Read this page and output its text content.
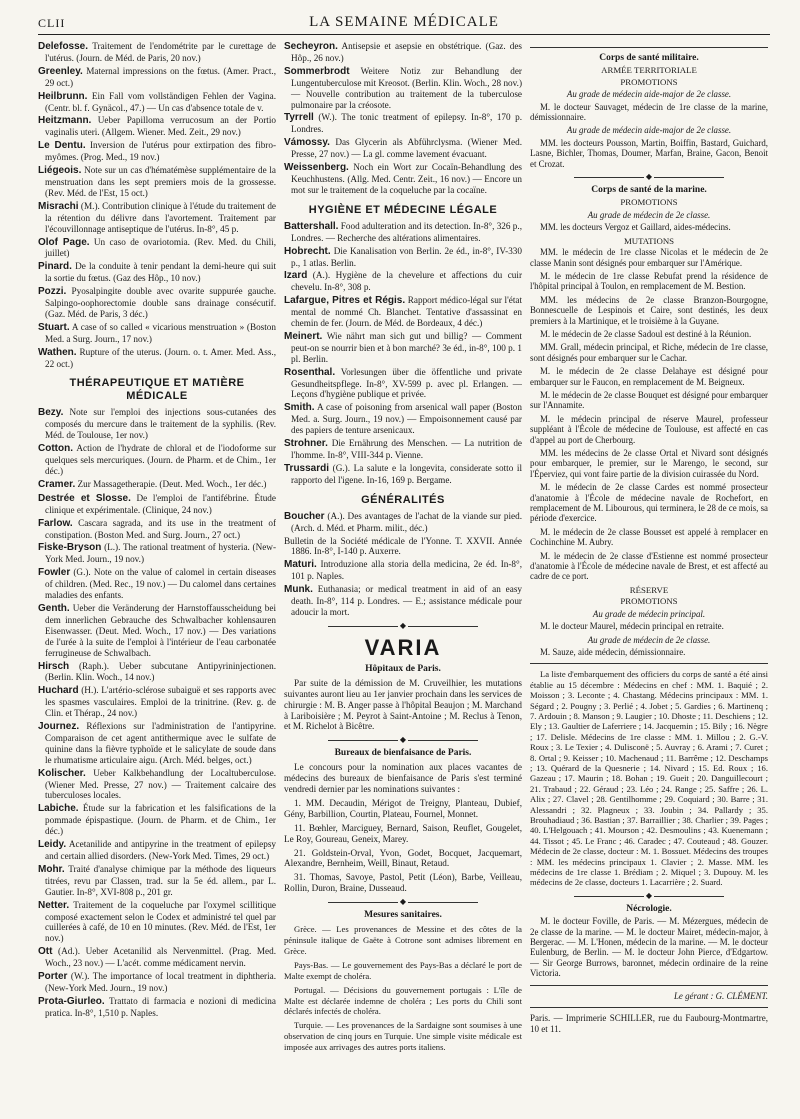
CLII	LA SEMAINE MÉDICALE

Delefosse. Traitement de l'endométrite par le curettage de l'utérus. (Journ. de Méd. de Paris, 20 nov.)

Greenley. Maternal impressions on the fœtus. (Amer. Pract., 29 oct.)

Heilbrunn. Ein Fall vom vollständigen Fehlen der Vagina. (Centr. bl. f. Gynäcol., 47.) — Un cas d'absence totale de v.

Heitzmann. Ueber Papilloma verrucosum an der Portio vaginalis uteri. (Allgem. Wiener. Med. Zeit., 29 nov.)

Le Dentu. Inversion de l'utérus pour extirpation des fibro-myômes. (Prog. Med., 19 nov.)

Liégeois. Note sur un cas d'hématémèse supplémentaire de la menstruation dans les sept premiers mois de la grossesse. (Rev. Méd. de l'Est, 15 oct.)

Misrachi (M.). Contribution clinique à l'étude du traitement de la rétention du délivre dans l'avortement. Traitement par l'écouvillonnage antiseptique de l'utérus. In-8°, 45 p.

Olof Page. Un caso de ovariotomia. (Rev. Med. du Chili, juillet)

Pinard. De la conduite à tenir pendant la demi-heure qui suit la sortie du fœtus. (Gaz des Hôp., 10 nov.)

Pozzi. Pyosalpingite double avec ovarite suppurée gauche. Salpingo-oophorectomie double sans drainage consécutif. (Gaz. Méd. de Paris, 3 déc.)

Stuart. A case of so called « vicarious menstruation » (Boston Med. a Surg. Journ., 17 nov.)

Wathen. Rupture of the uterus. (Journ. o. t. Amer. Med. Ass., 22 oct.)

THÉRAPEUTIQUE ET MATIÈRE MÉDICALE

Bezy. Note sur l'emploi des injections sous-cutanées des composés du mercure dans le traitement de la syphilis. (Rev. Méd. de Toulouse, 1er nov.)

Cotton. Action de l'hydrate de chloral et de l'iodoforme sur quelques sels mercuriques. (Journ. de Pharm. et de Chim., 1er déc.)

Cramer. Zur Massagetherapie. (Deut. Med. Woch., 1er déc.)

Destrée et Slosse. De l'emploi de l'antifébrine. Étude clinique et expérimentale. (Clinique, 24 nov.)

Farlow. Cascara sagrada, and its use in the treatment of constipation. (Boston Med. and Surg. Journ., 27 oct.)

Fiske-Bryson (L.). The rational treatment of hysteria. (New-York Med. Journ., 19 nov.)

Fowler (G.). Note on the value of calomel in certain diseases of children. (Med. Rec., 19 nov.) — Du calomel dans certaines maladies des enfants.

Genth. Ueber die Veränderung der Harnstoffausscheidung bei dem innerlichen Gebrauche des Schwalbacher kohlensauren Eisenwasser. (Deut. Med. Woch., 17 nov.) — Des variations de l'urée à la suite de l'emploi à l'intérieur de l'eau carbonatée ferrugineuse de Schwalbach.

Hirsch (Raph.). Ueber subcutane Antipyrininjectionen. (Berlin. Klin. Woch., 14 nov.)

Huchard (H.). L'artério-sclérose subaiguë et ses rapports avec les spasmes vasculaires. Emploi de la trinitrine. (Rev. g. de Clin. et Thérap., 24 nov.)

Journez. Réflexions sur l'administration de l'antipyrine. Comparaison de cet agent antithermique avec le sulfate de quinine dans la fièvre typhoïde et le salicylate de soude dans le rhumatisme articulaire aigu. (Arch. Méd. belges, oct.)

Kolischer. Ueber Kalkbehandlung der Localtuberculose. (Wiener Med. Presse, 27 nov.) — Traitement calcaire des tuberculoses locales.

Labiche. Étude sur la fabrication et les falsifications de la pommade épispastique. (Journ. de Pharm. et de Chim., 1er déc.)

Leidy. Acetanilide and antipyrine in the treatment of epilepsy and certain allied disorders. (New-York Med. Times, 29 oct.)

Mohr. Traité d'analyse chimique par la méthode des liqueurs titrées, revu par Classen, trad. sur la 5e éd. allem., par L. Gautier. In-8°, XVI-808 p., 201 gr.

Netter. Traitement de la coqueluche par l'oxymel scillitique composé exactement selon le Codex et administré tel quel par cuillerées à café, de 10 en 10 minutes. (Rev. Méd. de l'Est, 1er nov.)

Ott (Ad.). Ueber Acetanilid als Nervenmittel. (Prag. Med. Woch., 23 nov.) — L'acét. comme médicament nervin.

Porter (W.). The importance of local treatment in diphtheria. (New-York Med. Journ., 19 nov.)

Prota-Giurleo. Trattato di farmacia e nozioni di medicina pratica. In-8°, 1,510 p. Naples.

Secheyron. Antisepsie et asepsie en obstétrique. (Gaz. des Hôp., 26 nov.)

Sommerbrodt Weitere Notiz zur Behandlung der Lungentuberculose mit Kreosot. (Berlin. Klin. Woch., 28 nov.) — Nouvelle contribution au traitement de la tuberculose pulmonaire par la créosote.

Tyrrell (W.). The tonic treatment of epilepsy. In-8°, 170 p. Londres.

Vámossy. Das Glycerin als Abführclysma. (Wiener Med. Presse, 27 nov.) — La gl. comme lavement évacuant.

Weissenberg. Noch ein Wort zur Cocaïn-Behandlung des Keuchhustens. (Allg. Med. Centr. Zeit., 16 nov.) — Encore un mot sur le traitement de la coqueluche par la cocaïne.

HYGIÈNE ET MÉDECINE LÉGALE

Battershall. Food adulteration and its detection. In-8°, 326 p., Londres. — Recherche des altérations alimentaires.

Hobrecht. Die Kanalisation von Berlin. 2e éd., in-8°, IV-330 p., 1 atlas. Berlin.

Izard (A.). Hygiène de la chevelure et affections du cuir chevelu. In-8°, 308 p.

Lafargue, Pitres et Régis. Rapport médico-légal sur l'état mental de nommé Ch. Blanchet. Tentative d'assassinat en chemin de fer. (Journ. de Méd. de Bordeaux, 4 déc.)

Meinert. Wie nährt man sich gut und billig? — Comment peut-on se nourrir bien et à bon marché? 3e éd., in-8°, 100 p. 1 pl. Berlin.

Rosenthal. Vorlesungen über die öffentliche und private Gesundheitspflege. In-8°, XV-599 p. avec pl. Erlangen. — Leçons d'hygiène publique et privée.

Smith. A case of poisoning from arsenical wall paper (Boston Med. a. Surg. Journ., 19 nov.) — Empoisonnement causé par des papiers de tenture arsenicaux.

Strohner. Die Ernährung des Menschen. — La nutrition de l'homme. In-8°, VIII-344 p. Vienne.

Trussardi (G.). La salute e la longevita, considerate sotto il rapporto del l'igene. In-16, 169 p. Bergame.

GÉNÉRALITÉS

Boucher (A.). Des avantages de l'achat de la viande sur pied. (Arch. d. Méd. et Pharm. milit., déc.)

Bulletin de la Société médicale de l'Yonne. T. XXVII. Année 1886. In-8°, I-140 p. Auxerre.

Maturi. Introduzione alla storia della medicina, 2e éd. In-8°, 101 p. Naples.

Munk. Euthanasia; or medical treatment in aid of an easy death. In-8°, 114 p. Londres. — E.; assistance médicale pour adoucir la mort.

◆
VARIA
Hôpitaux de Paris.

Par suite de la démission de M. Cruveilhier, les mutations suivantes auront lieu au 1er janvier prochain dans les services de chirurgie : M. B. Anger passe à l'hôpital Beaujon ; M. Marchand à Lariboisière ; M. Peyrot à Saint-Antoine ; M. Reclus à Tenon, et M. Richelot à Bicêtre.

◆
Bureaux de bienfaisance de Paris.

Le concours pour la nomination aux places vacantes de médecins des bureaux de bienfaisance de Paris s'est terminé vendredi dernier par les nominations suivantes :

1. MM. Decaudin, Mérigot de Treigny, Planteau, Dubief, Gény, Barbillion, Courtin, Plateau, Fournel, Monnet.

11. Bœhler, Marciguey, Bernard, Saison, Reuflet, Gougelet, Le Roy, Goureau, Geneix, Marey.

21. Goldstein-Orval, Yvon, Godet, Bocquet, Jacquemart, Alexandre, Bernheim, Weill, Binaut, Retaud.

31. Thomas, Savoye, Pastol, Petit (Léon), Barbe, Veilleau, Rollin, Duron, Braine, Dusseaud.

◆
Mesures sanitaires.

Grèce. — Les provenances de Messine et des côtes de la péninsule italique de Gaëte à Cotrone sont admises librement en Grèce.

Pays-Bas. — Le gouvernement des Pays-Bas a déclaré le port de Malte exempt de choléra.

Portugal. — Décisions du gouvernement portugais : L'île de Malte est déclarée indemne de choléra ; Les ports du Chili sont déclarés infectés de choléra.

Turquie. — Les provenances de la Sardaigne sont soumises à une observation de cinq jours en Turquie. Une simple visite médicale est imposée aux arrivages des autres ports italiens.

Corps de santé militaire.
ARMÉE TERRITORIALE
PROMOTIONS
Au grade de médecin aide-major de 2e classe.

M. le docteur Sauvaget, médecin de 1re classe de la marine, démissionnaire.

Au grade de médecin aide-major de 2e classe.

MM. les docteurs Pousson, Martin, Boiffin, Bastard, Guichard, Lasne, Bichler, Thomas, Doumer, Marfan, Braine, Gacon, Benoit et Crozat.

◆
Corps de santé de la marine.
PROMOTIONS
Au grade de médecin de 2e classe.

MM. les docteurs Vergoz et Gaillard, aides-médecins.

MUTATIONS

MM. le médecin de 1re classe Nicolas et le médecin de 2e classe Manin sont désignés pour embarquer sur l'Amérique.

M. le médecin de 1re classe Rebufat prend la résidence de l'hôpital principal à Toulon, en remplacement de M. Bestion.

MM. les médecins de 2e classe Branzon-Bourgogne, Bonnescuelle de Lespinois et Caire, sont destinés, les deux premiers à la Martinique, et le troisième à la Guyane.

M. le médecin de 2e classe Sadoul est destiné à la Réunion.

MM. Grall, médecin principal, et Riche, médecin de 1re classe, sont désignés pour embarquer sur le Cachar.

M. le médecin de 2e classe Delahaye est désigné pour embarquer sur le Faucon, en remplacement de M. Beigneux.

M. le médecin de 2e classe Bouquet est désigné pour embarquer sur l'Annamite.

M. le médecin principal de réserve Maurel, professeur suppléant à l'École de médecine de Toulouse, est affecté en cas d'appel au port de Cherbourg.

MM. les médecins de 2e classe Ortal et Nivard sont désignés pour embarquer, le premier, sur le Marengo, le second, sur l'Éperviez, qui vont faire partie de la division cuirassée du Nord.

M. le médecin de 2e classe Cardes est nommé prosecteur d'anatomie à l'École de médecine navale de Rochefort, en remplacement de M. Libourous, qui terminera, le 28 de ce mois, sa période d'exercice.

M. le médecin de 2e classe Bousset est appelé à remplacer en Cochinchine M. Aubry.

M. le médecin de 2e classe d'Estienne est nommé prosecteur d'anatomie à l'École de médecine navale de Brest, et est affecté au cadre de ce port.

RÉSERVE
PROMOTIONS
Au grade de médecin principal.

M. le docteur Maurel, médecin principal en retraite.

Au grade de médecin de 2e classe.

M. Sauze, aide médecin, démissionnaire.

La liste d'embarquement des officiers du corps de santé a été ainsi établie au 15 décembre : Médecins en chef : MM. 1. Baquié ; 2. Moisson ; 3. Leconte ; 4. Chastang. Médecins principaux : MM. 1. Ségard ; 2. Pougny ; 3. Perlié ; 4. Jobet ; 5. Gardies ; 6. Martinenq ; 7. Ardouin ; 8. Manson ; 9. Laugier ; 10. Dhoste ; 11. Deschiens ; 12. Ely ; 13. Gaultier de Laferriere ; 14. Jacquemin ; 15. Bily ; 16. Nègre ; 17. Delisle. Médecins de 1re classe : MM. 1. Millou ; 2. G.-V. Roux ; 3. Le Texier ; 4. Dulisconë ; 5. Auvray ; 6. Arami ; 7. Curet ; 8. Ortal ; 9. Keisser ; 10. Machenaud ; 11. Barrême ; 12. Deschamps ; 13. Quérard de la Quesnerie ; 14. Nivard ; 15. Ed. Roux ; 16. Gazeau ; 17. Maurin ; 18. Bohan ; 19. Gueit ; 20. Danguillecourt ; 21. Trabaud ; 22. Géraud ; 23. Léo ; 24. Range ; 25. Saffre ; 26. L. Alix ; 27. Clavel ; 28. Gentilhomme ; 29. Coquiard ; 30. Barre ; 31. Alessandri ; 32. Plagneux ; 33. Joubin ; 34. Pallardy ; 35. Brouhadiaud ; 36. Bastian ; 37. Barraillier ; 38. Charlier ; 39. Pages ; 40. L'Helgouach ; 41. Mourson ; 42. Desmoulins ; 43. Kuenemann ; 44. Tissot ; 45. Le Franc ; 46. Caradec ; 47. Couteaud ; 48. Gouzer. Médecin de 2e classe, docteur : M. 1. Bossuet. Médecins des troupes : MM. les médecins principaux 1. Clavier ; 2. Masse. MM. les médecins de 1re classe 1. Brédiam ; 2. Miquel ; 3. Dupouy. M. les médecins de 2e classe, docteurs 1. Lacarrière ; 2. Suard.

◆
Nécrologie.

M. le docteur Foville, de Paris. — M. Mézergues, médecin de 2e classe de la marine. — M. le docteur Mairet, médecin-major, à Bergerac. — M. L'Honen, médecin de la marine. — M. le docteur Eulenburg, de Berlin. — M. le docteur John Pierce, d'Edgartow. — Sir George Burrows, baronnet, médecin ordinaire de la reine Victoria.

Le gérant : G. CLÉMENT.
Paris. — Imprimerie SCHILLER, rue du Faubourg-Montmartre, 10 et 11.
